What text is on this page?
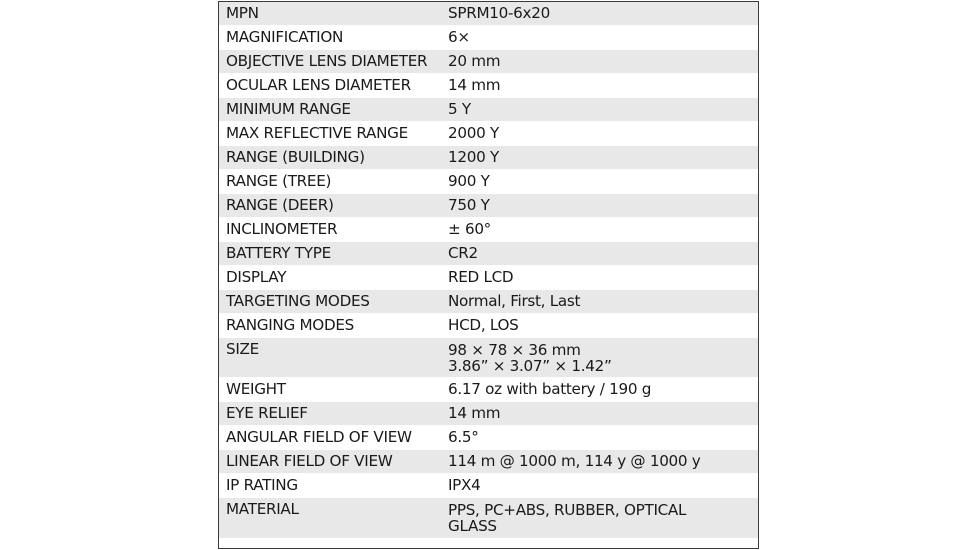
MPN	SPRM10-6x20
MAGNIFICATION	6×
OBJECTIVE LENS DIAMETER	20 mm
OCULAR LENS DIAMETER	14 mm
MINIMUM RANGE	5 Y
MAX REFLECTIVE RANGE	2000 Y
RANGE (BUILDING)	1200 Y
RANGE (TREE)	900 Y
RANGE (DEER)	750 Y
INCLINOMETER	± 60°
BATTERY TYPE	CR2
DISPLAY	RED LCD
TARGETING MODES	Normal, First, Last
RANGING MODES	HCD, LOS
SIZE	98 × 78 × 36 mm
3.86” × 3.07” × 1.42”
WEIGHT	6.17 oz with battery / 190 g
EYE RELIEF	14 mm
ANGULAR FIELD OF VIEW	6.5°
LINEAR FIELD OF VIEW	114 m @ 1000 m, 114 y @ 1000 y
IP RATING	IPX4
MATERIAL	PPS, PC+ABS, RUBBER, OPTICAL
GLASS
